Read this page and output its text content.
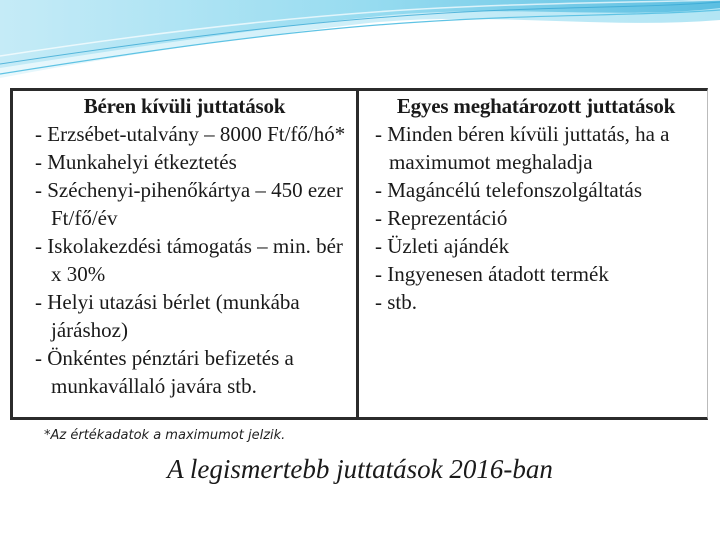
Béren kívüli juttatások
- Erzsébet-utalvány – 8000 Ft/fő/hó*
- Munkahelyi étkeztetés
- Széchenyi-pihenőkártya – 450 ezer Ft/fő/év
- Iskolakezdési támogatás – min. bér x 30%
- Helyi utazási bérlet (munkába járáshoz)
- Önkéntes pénztári befizetés a munkavállaló javára stb.
Egyes meghatározott juttatások
- Minden béren kívüli juttatás, ha a maximumot meghaladja
- Magáncélú telefonszolgáltatás
- Reprezentáció
- Üzleti ajándék
- Ingyenesen átadott termék
- stb.
*Az értékadatok a maximumot jelzik.
A legismertebb juttatások 2016-ban
